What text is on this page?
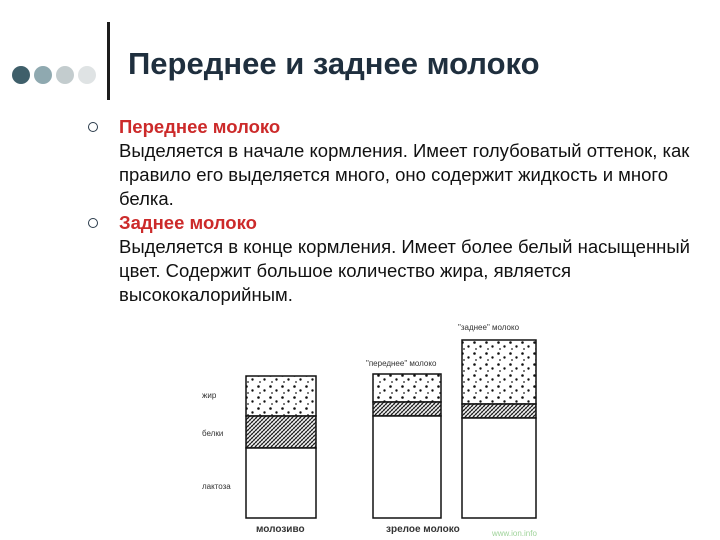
Переднее и заднее молоко
Переднее молоко
Выделяется в начале кормления. Имеет голубоватый оттенок, как правило его выделяется много, оно содержит жидкость и много белка.
Заднее молоко
Выделяется в конце кормления. Имеет более белый насыщенный цвет. Содержит большое количество жира, является высококалорийным.
жир
белки
лактоза
"переднее" молоко
"заднее" молоко
молозиво	зрелое молоко	www.ion.info
